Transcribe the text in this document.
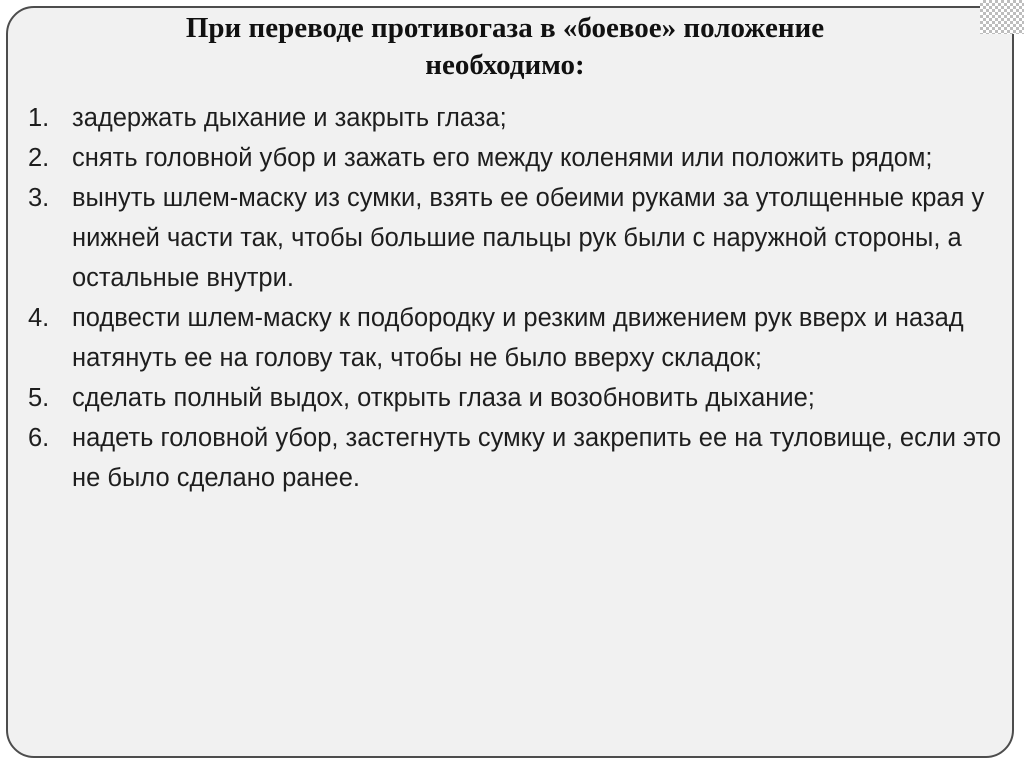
При переводе противогаза в «боевое» положение
необходимо:
1. задержать дыхание и закрыть глаза;
2. снять головной убор и зажать его между коленями или положить рядом;
3. вынуть шлем-маску из сумки, взять ее обеими руками за утолщенные края у нижней части так, чтобы большие пальцы рук были с наружной стороны, а остальные внутри.
4. подвести шлем-маску к подбородку и резким движением рук вверх и назад натянуть ее на голову так, чтобы не было вверху складок;
5. сделать полный выдох, открыть глаза и возобновить дыхание;
6. надеть головной убор, застегнуть сумку и закрепить ее на туловище, если это не было сделано ранее.
